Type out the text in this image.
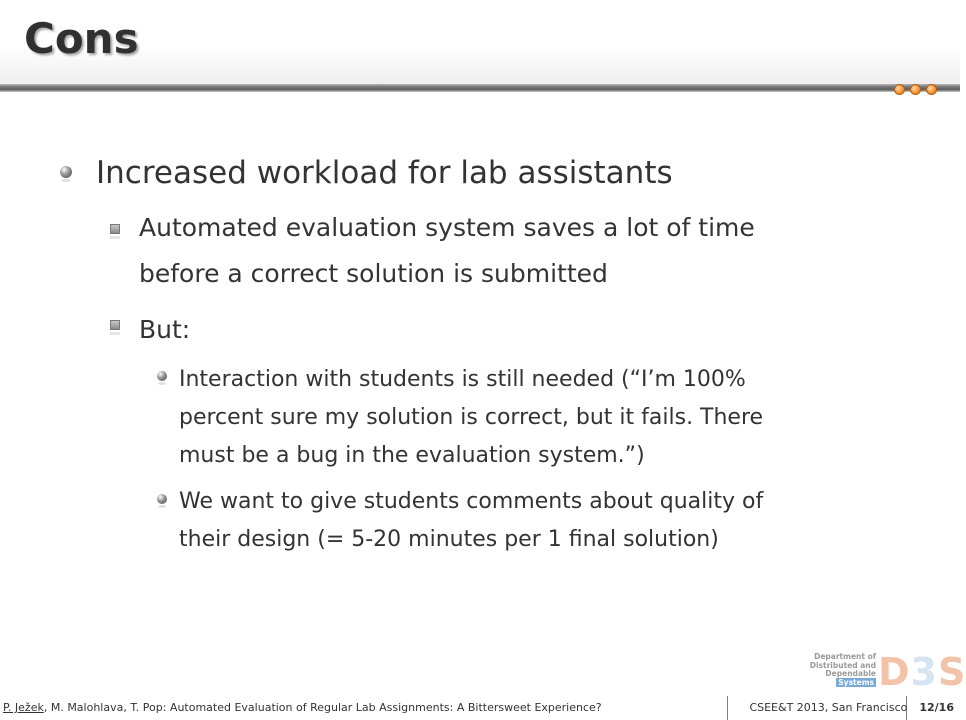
Cons
Increased workload for lab assistants
Automated evaluation system saves a lot of time
before a correct solution is submitted
But:
Interaction with students is still needed (“I’m 100%
percent sure my solution is correct, but it fails. There
must be a bug in the evaluation system.”)
We want to give students comments about quality of
their design (= 5-20 minutes per 1 final solution)
Department of
Distributed and
Dependable
Systems D3S
P. Ježek, M. Malohlava, T. Pop: Automated Evaluation of Regular Lab Assignments: A Bittersweet Experience?	CSEE&T 2013, San Francisco 12/16
